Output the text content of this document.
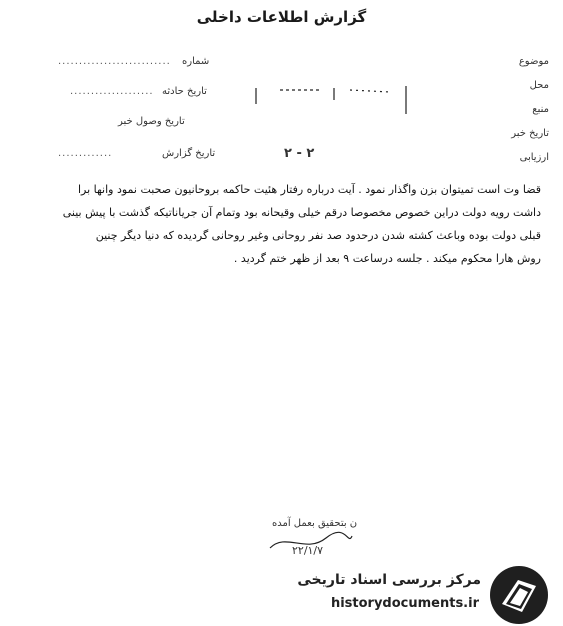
گزارش اطلاعات داخلی
موضوع
محل
منبع
تاریخ خبر
ارزیابی
شماره
...........................
تاریخ حادثه
....................
تاریخ وصول خبر
تاریخ گزارش
.............	۲ - ۲

قضا وت است تمیتوان بزن واگذار نمود . آیت درباره رفتار هئیت حاکمه بروحانیون صحبت نمود وانها برا

داشت رویه دولت دراین خصوص مخصوصا درقم خیلی وقیحانه بود وتمام آن جریاناتیکه گذشت با پیش بینی

قبلی دولت بوده وباعث کشته شدن درحدود صد نفر روحانی وغیر روحانی گردیده که دنیا دیگر چنین

روش هارا محکوم میکند . جلسه درساعت ۹ بعد از ظهر ختم گردید .

ن بتحقیق بعمل آمده
۲۲/۱/۷
مرکز بررسی اسناد تاریخی
historydocuments.ir
